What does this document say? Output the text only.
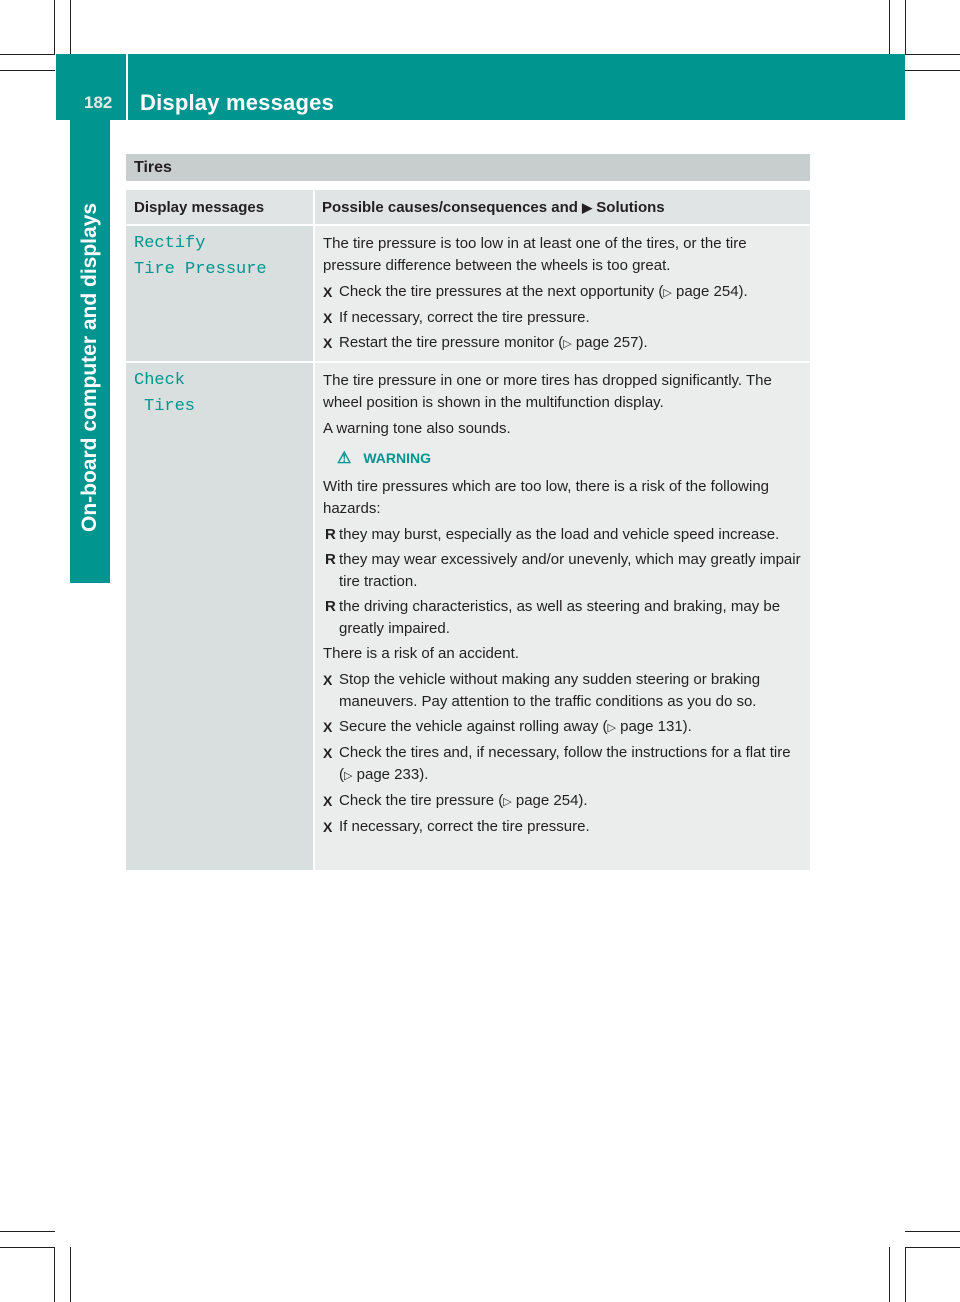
182 Display messages
On-board computer and displays
Tires
Display messages	Possible causes/consequences and ▶ Solutions
Rectify
Tire Pressure

The tire pressure is too low in at least one of the tires, or the tire pressure difference between the wheels is too great.

X Check the tire pressures at the next opportunity (▷ page 254).
X If necessary, correct the tire pressure.
X Restart the tire pressure monitor (▷ page 257).
Check
Tires

The tire pressure in one or more tires has dropped significantly. The wheel position is shown in the multifunction display.

A warning tone also sounds.

⚠ WARNING

With tire pressures which are too low, there is a risk of the following hazards:

R they may burst, especially as the load and vehicle speed increase.
R they may wear excessively and/or unevenly, which may greatly impair tire traction.
R the driving characteristics, as well as steering and braking, may be greatly impaired.

There is a risk of an accident.

X Stop the vehicle without making any sudden steering or braking maneuvers. Pay attention to the traffic conditions as you do so.
X Secure the vehicle against rolling away (▷ page 131).
X Check the tires and, if necessary, follow the instructions for a flat tire (▷ page 233).
X Check the tire pressure (▷ page 254).
X If necessary, correct the tire pressure.
